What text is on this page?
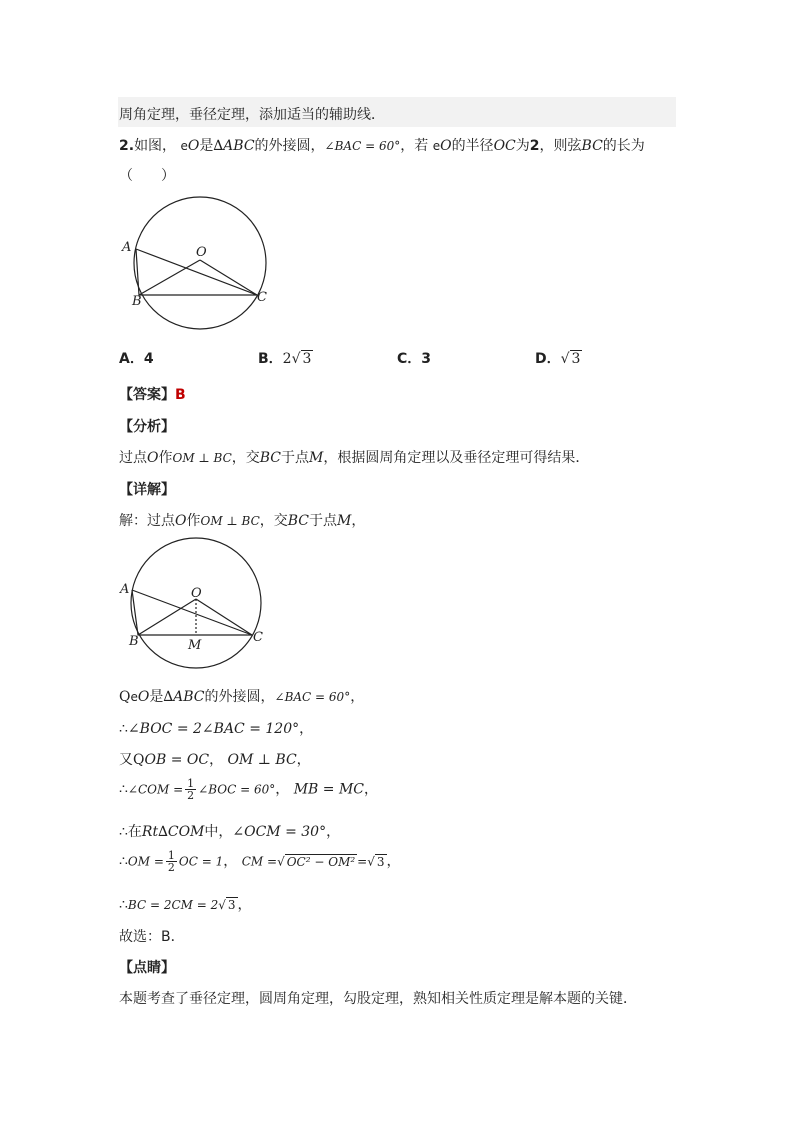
周角定理，垂径定理，添加适当的辅助线．
2.如图， eO是∆ABC的外接圆，∠BAC = 60°，若 eO的半径OC为2，则弦BC的长为
（　　）
A	O
B	C
A．4	B．2√ 3	C．3	D．√ 3
【答案】B
【分析】
过点O作OM ⊥ BC，交BC于点M，根据圆周角定理以及垂径定理可得结果．
【详解】
解：过点O作OM ⊥ BC，交BC于点M，
A	O
B	M
C
QeO是∆ABC的外接圆，∠BAC = 60°，
∴∠BOC = 2∠BAC = 120°，
又QOB = OC， OM ⊥ BC，
∴∠COM = $\frac{1}{2}$ ∠BOC = 60°， MB = MC，
∴在Rt∆COM中，∠OCM = 30°，
∴OM = $\frac{1}{2}$ OC = 1， CM =√ OC² − OM² =√ 3 ，
∴BC = 2CM = 2√ 3 ，
故选：B．
【点睛】
本题考查了垂径定理，圆周角定理，勾股定理，熟知相关性质定理是解本题的关键．
